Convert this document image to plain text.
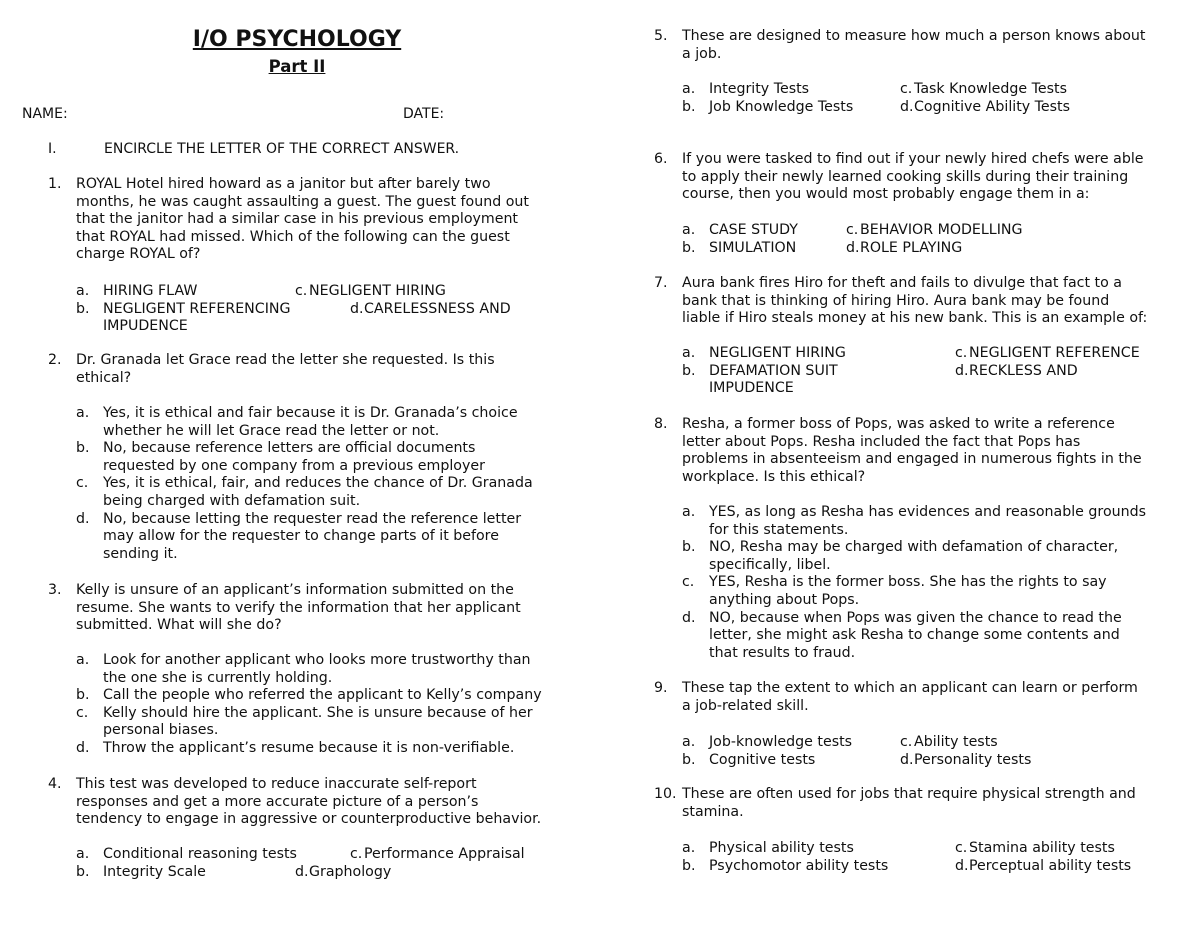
I/O PSYCHOLOGY
Part II
NAME:	DATE:
I.	ENCIRCLE THE LETTER OF THE CORRECT ANSWER.
1. ROYAL Hotel hired howard as a janitor but after barely two
months, he was caught assaulting a guest. The guest found out
that the janitor had a similar case in his previous employment
that ROYAL had missed. Which of the following can the guest
charge ROYAL of?
a. HIRING FLAW	c. NEGLIGENT HIRING
b. NEGLIGENT REFERENCING	d. CARELESSNESS AND
IMPUDENCE
2. Dr. Granada let Grace read the letter she requested. Is this
ethical?
a. Yes, it is ethical and fair because it is Dr. Granada’s choice
whether he will let Grace read the letter or not.
b. No, because reference letters are official documents
requested by one company from a previous employer
c. Yes, it is ethical, fair, and reduces the chance of Dr. Granada
being charged with defamation suit.
d. No, because letting the requester read the reference letter
may allow for the requester to change parts of it before
sending it.
3. Kelly is unsure of an applicant’s information submitted on the
resume. She wants to verify the information that her applicant
submitted. What will she do?
a. Look for another applicant who looks more trustworthy than
the one she is currently holding.
b. Call the people who referred the applicant to Kelly’s company
c. Kelly should hire the applicant. She is unsure because of her
personal biases.
d. Throw the applicant’s resume because it is non-verifiable.
4. This test was developed to reduce inaccurate self-report
responses and get a more accurate picture of a person’s
tendency to engage in aggressive or counterproductive behavior.
a. Conditional reasoning tests	c. Performance Appraisal
b. Integrity Scale	d. Graphology
5. These are designed to measure how much a person knows about
a job.
a. Integrity Tests	c. Task Knowledge Tests
b. Job Knowledge Tests	d. Cognitive Ability Tests
6. If you were tasked to find out if your newly hired chefs were able
to apply their newly learned cooking skills during their training
course, then you would most probably engage them in a:
a. CASE STUDY	c. BEHAVIOR MODELLING
b. SIMULATION	d. ROLE PLAYING
7. Aura bank fires Hiro for theft and fails to divulge that fact to a
bank that is thinking of hiring Hiro. Aura bank may be found
liable if Hiro steals money at his new bank. This is an example of:
a. NEGLIGENT HIRING	c. NEGLIGENT REFERENCE
b. DEFAMATION SUIT	d. RECKLESS AND
IMPUDENCE
8. Resha, a former boss of Pops, was asked to write a reference
letter about Pops. Resha included the fact that Pops has
problems in absenteeism and engaged in numerous fights in the
workplace. Is this ethical?
a. YES, as long as Resha has evidences and reasonable grounds
for this statements.
b. NO, Resha may be charged with defamation of character,
specifically, libel.
c. YES, Resha is the former boss. She has the rights to say
anything about Pops.
d. NO, because when Pops was given the chance to read the
letter, she might ask Resha to change some contents and
that results to fraud.
9. These tap the extent to which an applicant can learn or perform
a job-related skill.
a. Job-knowledge tests	c. Ability tests
b. Cognitive tests	d. Personality tests
10. These are often used for jobs that require physical strength and
stamina.
a. Physical ability tests	c. Stamina ability tests
b. Psychomotor ability tests	d. Perceptual ability tests
